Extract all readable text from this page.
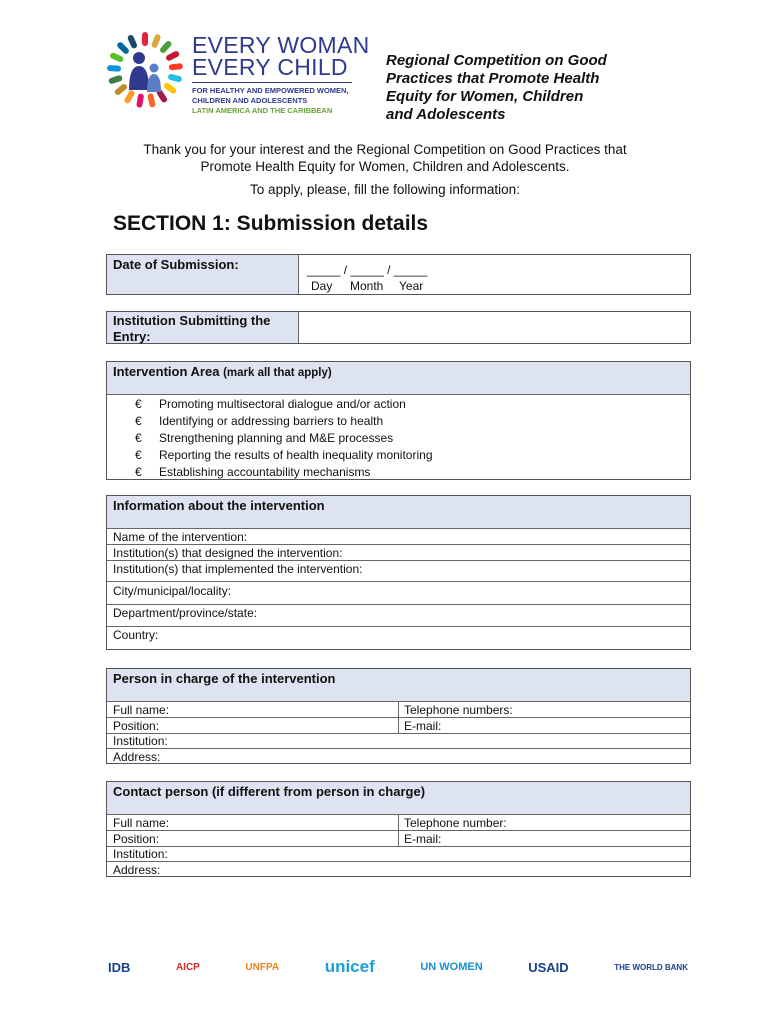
EVERY WOMAN
EVERY CHILD
FOR HEALTHY AND EMPOWERED WOMEN,
CHILDREN AND ADOLESCENTS
LATIN AMERICA AND THE CARIBBEAN
Regional Competition on Good
Practices that Promote Health
Equity for Women, Children
and Adolescents
Thank you for your interest and the Regional Competition on Good Practices that
Promote Health Equity for Women, Children and Adolescents.
To apply, please, fill the following information:
SECTION 1: Submission details
Date of Submission:	_____ / _____ / _____
Day Month Year
Institution Submitting the
Entry:
Intervention Area (mark all that apply)
€	Promoting multisectoral dialogue and/or action
€	Identifying or addressing barriers to health
€	Strengthening planning and M&E processes
€	Reporting the results of health inequality monitoring
€	Establishing accountability mechanisms
Information about the intervention
Name of the intervention:
Institution(s) that designed the intervention:
Institution(s) that implemented the intervention:
City/municipal/locality:
Department/province/state:
Country:
Person in charge of the intervention
Full name:	Telephone numbers:
Position:	E-mail:
Institution:
Address:
Contact person (if different from person in charge)
Full name:	Telephone number:
Position:	E-mail:
Institution:
Address:
IDB	AICP	UNFPA	unicef	UN WOMEN	USAID	THE WORLD BANK
